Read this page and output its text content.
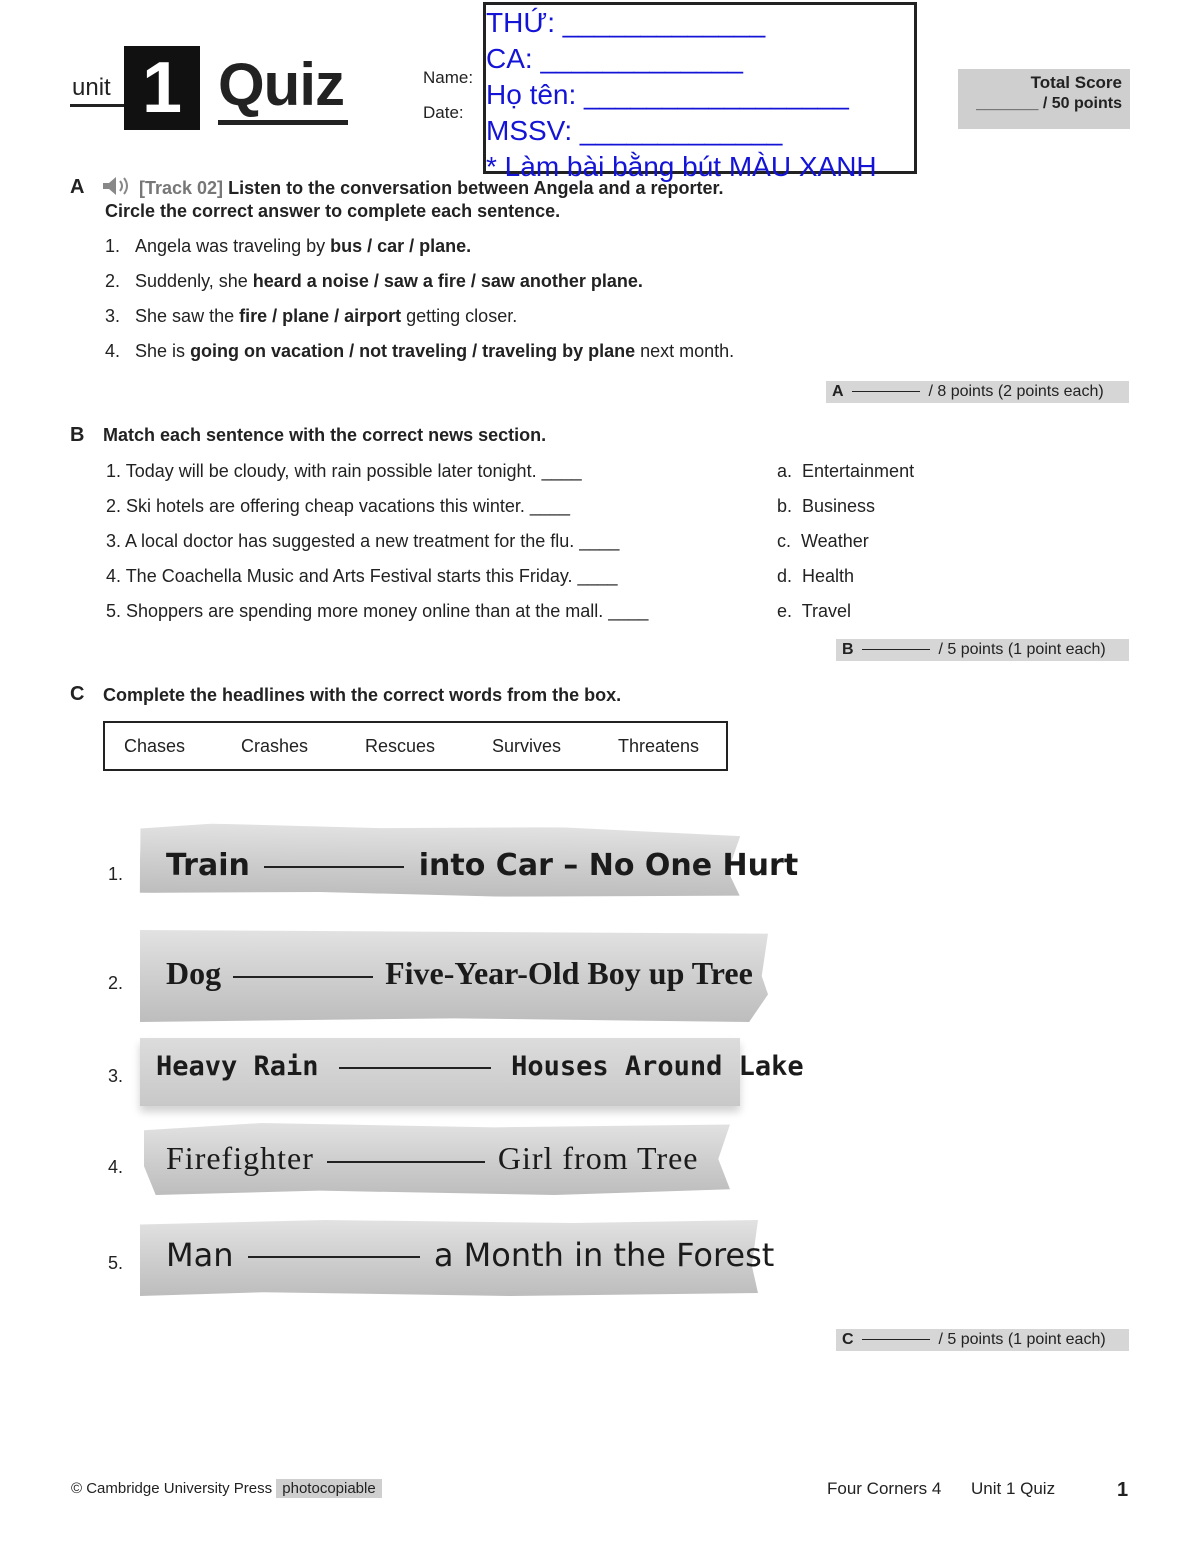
unit 1 Quiz	Name:
Date:
THỨ: _____________
CA: _____________
Họ tên: _________________
MSSV: _____________
* Làm bài bằng bút MÀU XANH
Total Score
_______ / 50 points
A	[Track 02] Listen to the conversation between Angela and a reporter.
Circle the correct answer to complete each sentence.
1. Angela was traveling by bus / car / plane.
2. Suddenly, she heard a noise / saw a fire / saw another plane.
3. She saw the fire / plane / airport getting closer.
4. She is going on vacation / not traveling / traveling by plane next month.
A	/ 8 points (2 points each)
B Match each sentence with the correct news section.
1. Today will be cloudy, with rain possible later tonight. ____
2. Ski hotels are offering cheap vacations this winter. ____
3. A local doctor has suggested a new treatment for the flu. ____
4. The Coachella Music and Arts Festival starts this Friday. ____
5. Shoppers are spending more money online than at the mall. ____
a.  Entertainment
b.  Business
c.  Weather
d.  Health
e.  Travel
B	/ 5 points (1 point each)
C Complete the headlines with the correct words from the box.
Chases	Crashes	Rescues	Survives	Threatens
1. Train	into Car – No One Hurt
2. Dog	Five-Year-Old Boy up Tree
3. Heavy Rain	Houses Around Lake
4. Firefighter	Girl from Tree
5. Man	a Month in the Forest
C	/ 5 points (1 point each)
© Cambridge University Press photocopiable	Four Corners 4 Unit 1 Quiz	1
